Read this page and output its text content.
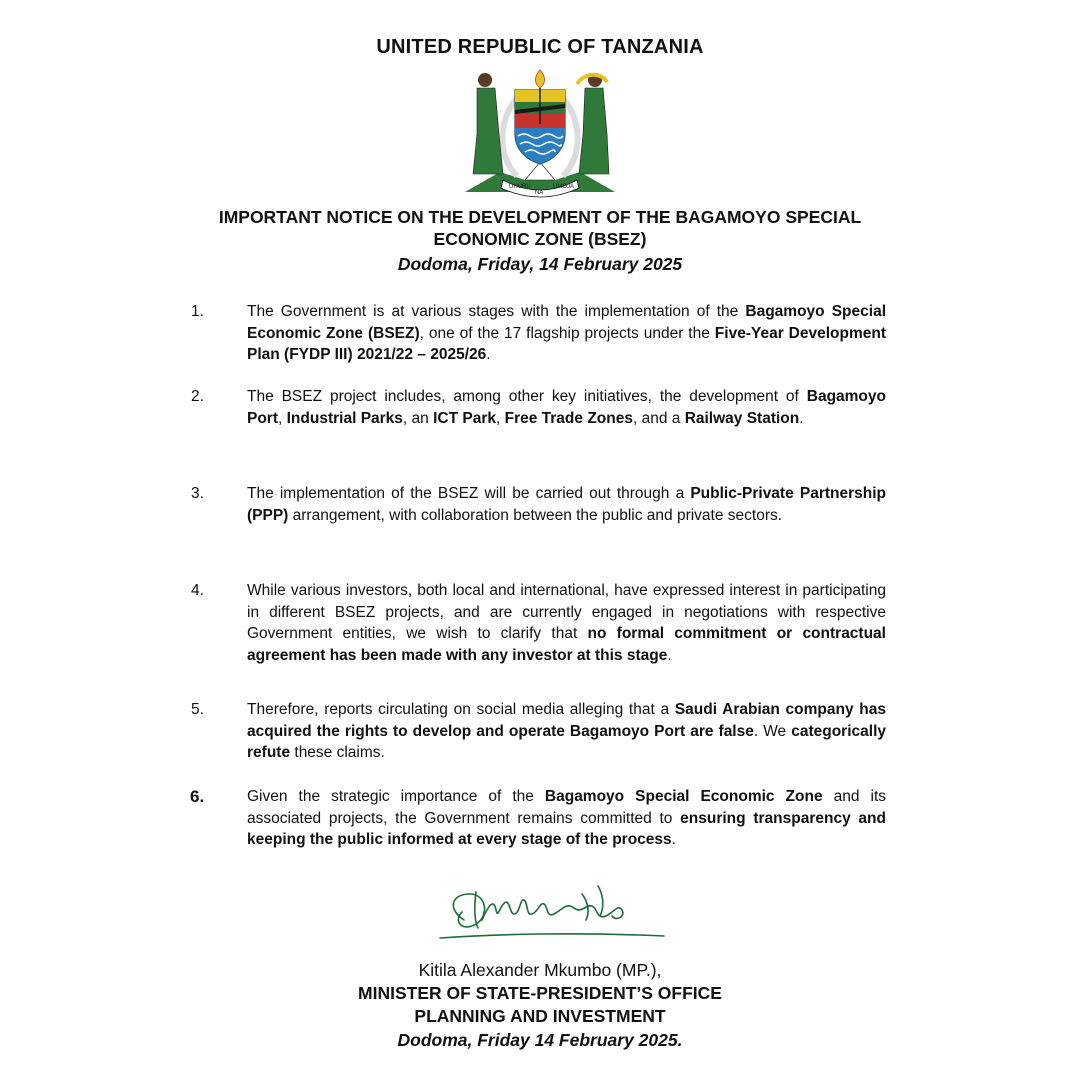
UNITED REPUBLIC OF TANZANIA
UHURU
NA
UMOJA
IMPORTANT NOTICE ON THE DEVELOPMENT OF THE BAGAMOYO SPECIAL ECONOMIC ZONE (BSEZ)
Dodoma, Friday, 14 February 2025
1.	The Government is at various stages with the implementation of the Bagamoyo Special Economic Zone (BSEZ), one of the 17 flagship projects under the Five-Year Development Plan (FYDP III) 2021/22 – 2025/26.
2.	The BSEZ project includes, among other key initiatives, the development of Bagamoyo Port, Industrial Parks, an ICT Park, Free Trade Zones, and a Railway Station.
3.	The implementation of the BSEZ will be carried out through a Public-Private Partnership (PPP) arrangement, with collaboration between the public and private sectors.
4.	While various investors, both local and international, have expressed interest in participating in different BSEZ projects, and are currently engaged in negotiations with respective Government entities, we wish to clarify that no formal commitment or contractual agreement has been made with any investor at this stage.
5.	Therefore, reports circulating on social media alleging that a Saudi Arabian company has acquired the rights to develop and operate Bagamoyo Port are false. We categorically refute these claims.
6.	Given the strategic importance of the Bagamoyo Special Economic Zone and its associated projects, the Government remains committed to ensuring transparency and keeping the public informed at every stage of the process.
Kitila Alexander Mkumbo (MP.),
MINISTER OF STATE-PRESIDENT’S OFFICE
PLANNING AND INVESTMENT
Dodoma, Friday 14 February 2025.
